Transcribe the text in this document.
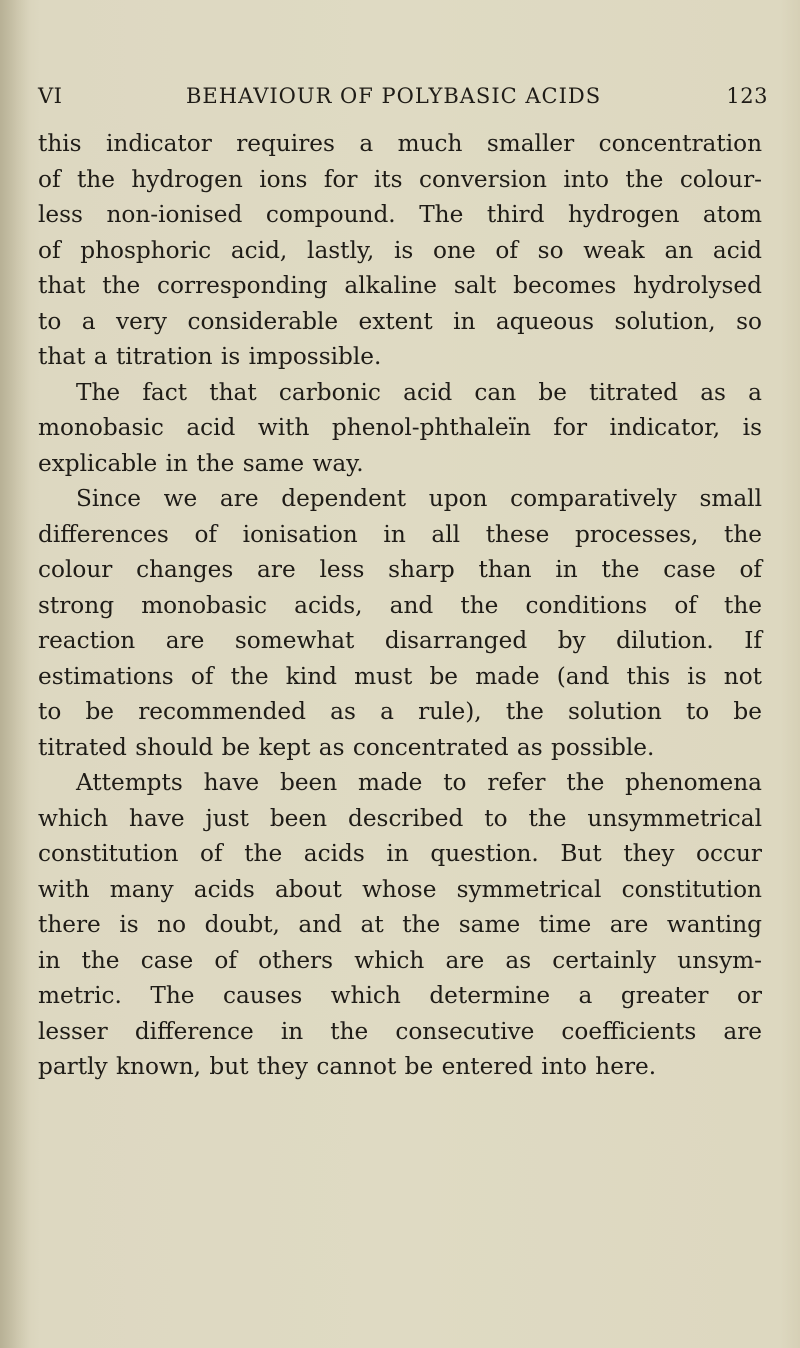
VI	BEHAVIOUR OF POLYBASIC ACIDS	123
this indicator requires a much smaller concentration
of the hydrogen ions for its conversion into the colour-
less non-ionised compound. The third hydrogen atom
of phosphoric acid, lastly, is one of so weak an acid
that the corresponding alkaline salt becomes hydrolysed
to a very considerable extent in aqueous solution, so
that a titration is impossible.
The fact that carbonic acid can be titrated as a
monobasic acid with phenol-phthaleïn for indicator, is
explicable in the same way.
Since we are dependent upon comparatively small
differences of ionisation in all these processes, the
colour changes are less sharp than in the case of
strong monobasic acids, and the conditions of the
reaction are somewhat disarranged by dilution. If
estimations of the kind must be made (and this is not
to be recommended as a rule), the solution to be
titrated should be kept as concentrated as possible.
Attempts have been made to refer the phenomena
which have just been described to the unsymmetrical
constitution of the acids in question. But they occur
with many acids about whose symmetrical constitution
there is no doubt, and at the same time are wanting
in the case of others which are as certainly unsym-
metric. The causes which determine a greater or
lesser difference in the consecutive coefficients are
partly known, but they cannot be entered into here.
